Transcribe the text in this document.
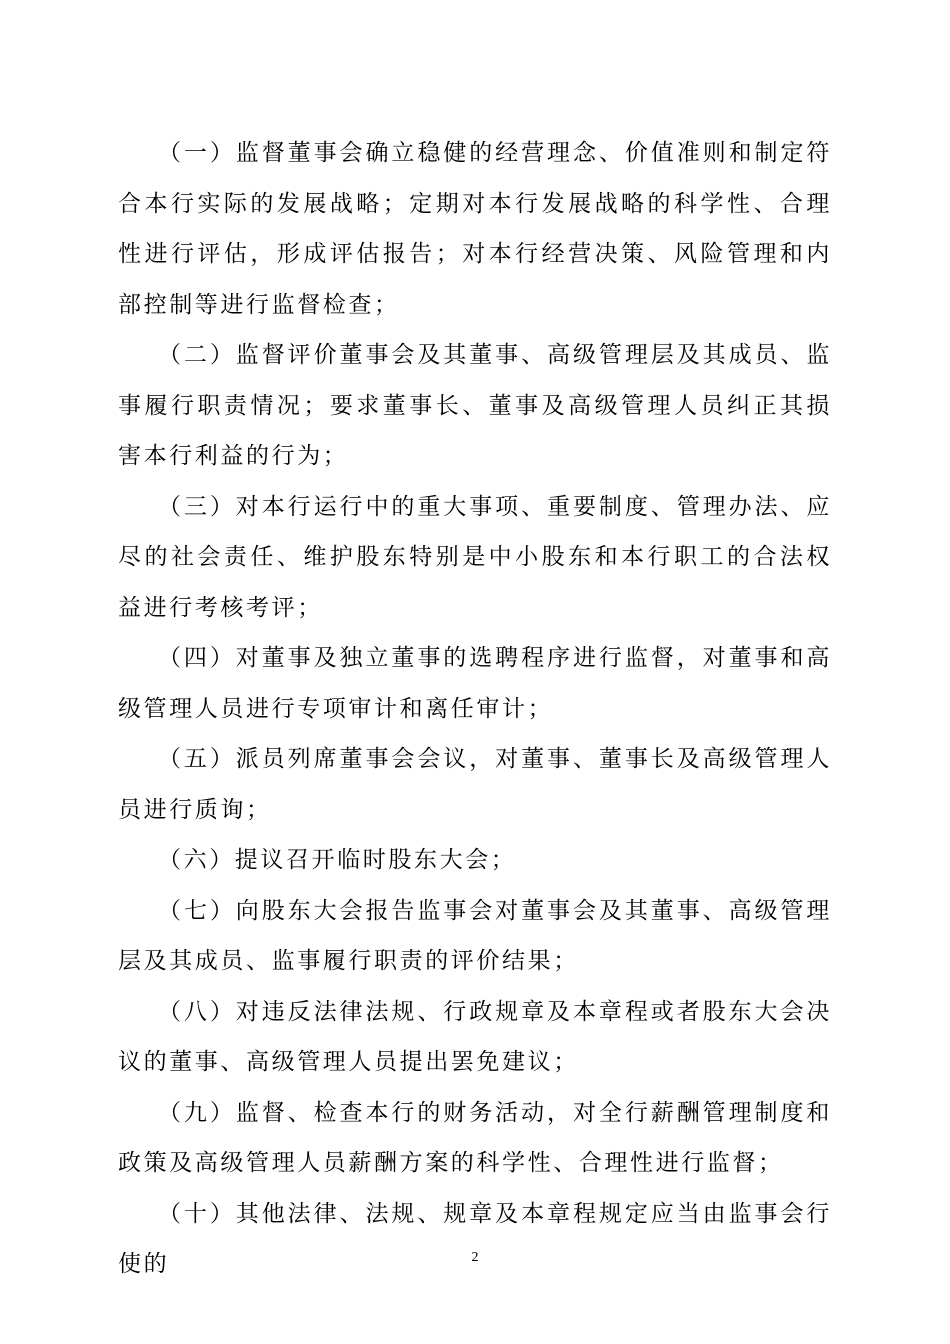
（一）监督董事会确立稳健的经营理念、价值准则和制定符合本行实际的发展战略；定期对本行发展战略的科学性、合理性进行评估，形成评估报告；对本行经营决策、风险管理和内部控制等进行监督检查；

（二）监督评价董事会及其董事、高级管理层及其成员、监事履行职责情况；要求董事长、董事及高级管理人员纠正其损害本行利益的行为；

（三）对本行运行中的重大事项、重要制度、管理办法、应尽的社会责任、维护股东特别是中小股东和本行职工的合法权益进行考核考评；

（四）对董事及独立董事的选聘程序进行监督，对董事和高级管理人员进行专项审计和离任审计；

（五）派员列席董事会会议，对董事、董事长及高级管理人员进行质询；

（六）提议召开临时股东大会；

（七）向股东大会报告监事会对董事会及其董事、高级管理层及其成员、监事履行职责的评价结果；

（八）对违反法律法规、行政规章及本章程或者股东大会决议的董事、高级管理人员提出罢免建议；

（九）监督、检查本行的财务活动，对全行薪酬管理制度和政策及高级管理人员薪酬方案的科学性、合理性进行监督；

（十）其他法律、法规、规章及本章程规定应当由监事会行使的	2
